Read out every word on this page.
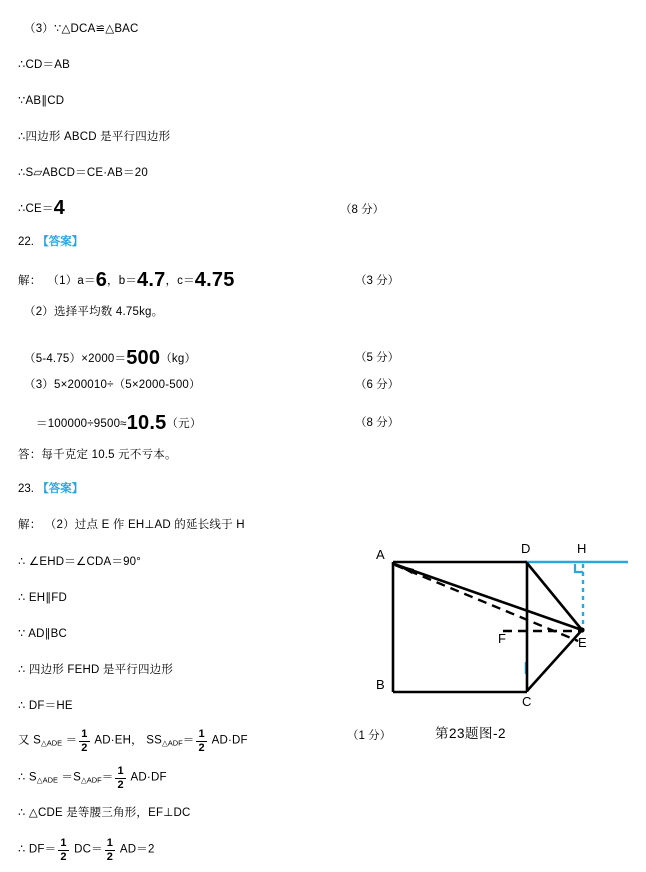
（3）∵△DCA≌△BAC
∴CD＝AB
∵AB∥CD
∴四边形 ABCD 是平行四边形
∴S▱ABCD＝CE·AB＝20
∴CE＝4	（8 分）
22. 【答案】
解： （1）a＝6，b＝4.7，c＝4.75	（3 分）
（2）选择平均数 4.75kg。
（5-4.75）×2000＝500（kg）	（5 分）
（3）5×200010÷（5×2000-500）	（6 分）
＝100000÷9500≈10.5（元）	（8 分）
答：每千克定 10.5 元不亏本。
23. 【答案】
解： （2）过点 E 作 EH⊥AD 的延长线于 H
∴ ∠EHD＝∠CDA＝90°
∴ EH∥FD
∵ AD∥BC
∴ 四边形 FEHD 是平行四边形
∴ DF＝HE
又 $S_{\triangle ADE} = \frac{1}{2} AD\cdot EH$， $SS_{\triangle ADF}= \frac{1}{2} AD\cdot DF$	（1 分）
∴ $S_{\triangle ADE} =S_{\triangle ADF}= \frac{1}{2} AD\cdot DF$
∴ △CDE 是等腰三角形，EF⊥DC
∴ $DF= \frac{1}{2} DC= \frac{1}{2} AD=2$
A
B
C
D
E
F
H
第23题图-2
